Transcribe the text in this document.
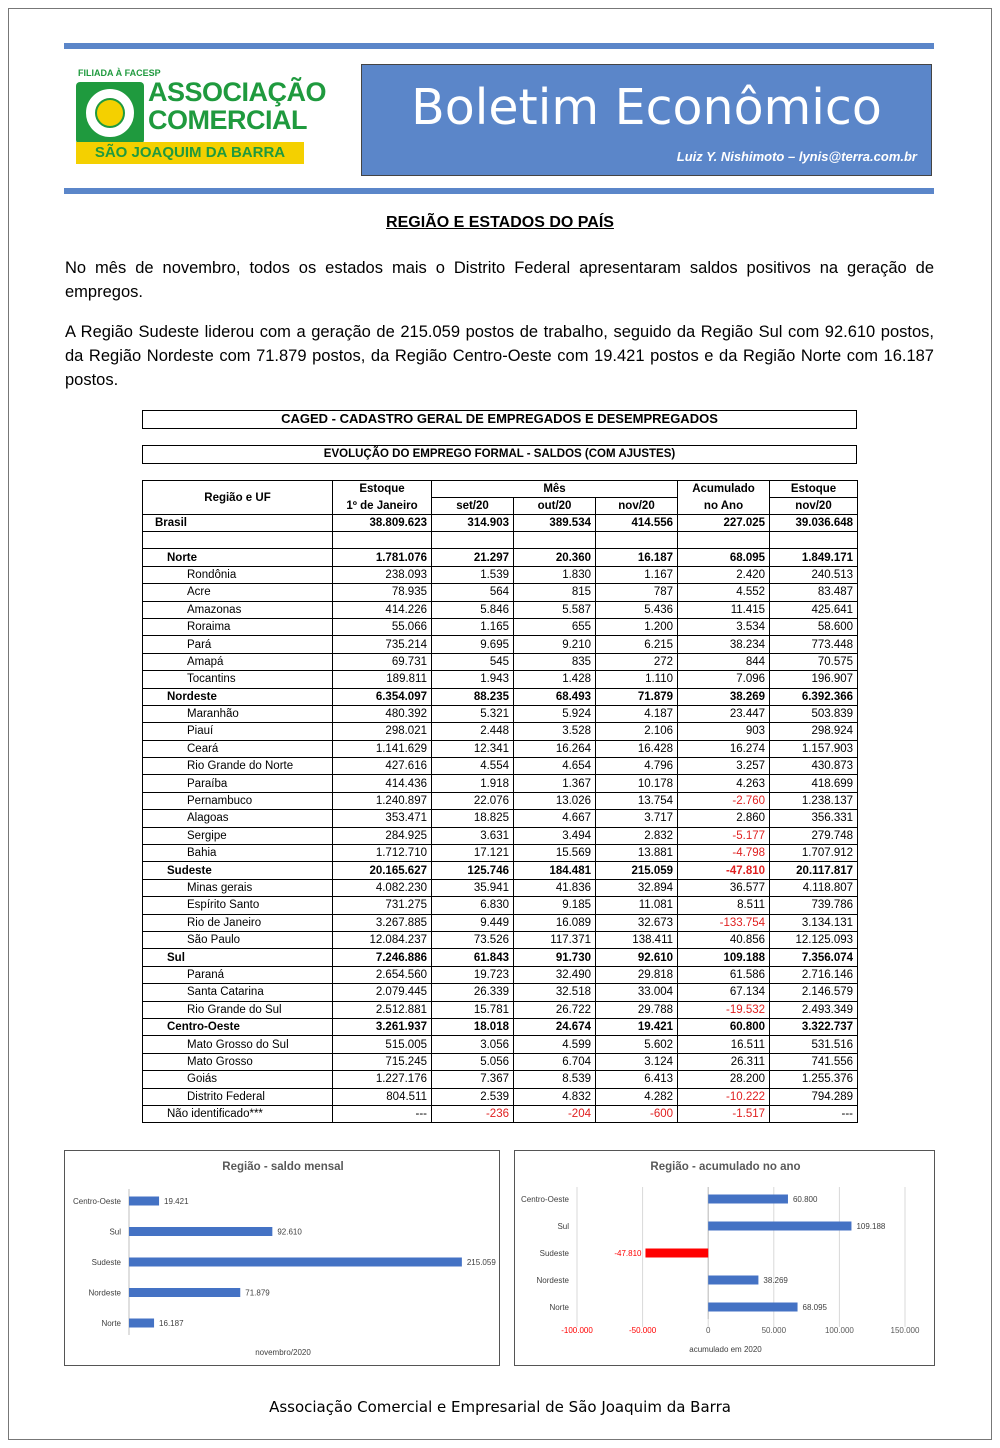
FILIADA À FACESP
ASSOCIAÇÃO
COMERCIAL
SÃO JOAQUIM DA BARRA
Boletim Econômico
Luiz Y. Nishimoto – lynis@terra.com.br
REGIÃO E ESTADOS DO PAÍS

No mês de novembro, todos os estados mais o Distrito Federal apresentaram saldos positivos na geração de empregos.

A Região Sudeste liderou com a geração de 215.059 postos de trabalho, seguido da Região Sul com 92.610 postos, da Região Nordeste com 71.879 postos, da Região Centro-Oeste com 19.421 postos e da Região Norte com 16.187 postos.

CAGED - CADASTRO GERAL DE EMPREGADOS E DESEMPREGADOS
EVOLUÇÃO DO EMPREGO FORMAL - SALDOS (COM AJUSTES)
Região e UF	Estoque	Mês			Acumulado	Estoque
	1º de Janeiro	set/20	out/20	nov/20	no Ano	nov/20
Brasil	38.809.623	314.903	389.534	414.556	227.025	39.036.648

Norte	1.781.076	21.297	20.360	16.187	68.095	1.849.171
Rondônia	238.093	1.539	1.830	1.167	2.420	240.513
Acre	78.935	564	815	787	4.552	83.487
Amazonas	414.226	5.846	5.587	5.436	11.415	425.641
Roraima	55.066	1.165	655	1.200	3.534	58.600
Pará	735.214	9.695	9.210	6.215	38.234	773.448
Amapá	69.731	545	835	272	844	70.575
Tocantins	189.811	1.943	1.428	1.110	7.096	196.907
Nordeste	6.354.097	88.235	68.493	71.879	38.269	6.392.366
Maranhão	480.392	5.321	5.924	4.187	23.447	503.839
Piauí	298.021	2.448	3.528	2.106	903	298.924
Ceará	1.141.629	12.341	16.264	16.428	16.274	1.157.903
Rio Grande do Norte	427.616	4.554	4.654	4.796	3.257	430.873
Paraíba	414.436	1.918	1.367	10.178	4.263	418.699
Pernambuco	1.240.897	22.076	13.026	13.754	-2.760	1.238.137
Alagoas	353.471	18.825	4.667	3.717	2.860	356.331
Sergipe	284.925	3.631	3.494	2.832	-5.177	279.748
Bahia	1.712.710	17.121	15.569	13.881	-4.798	1.707.912
Sudeste	20.165.627	125.746	184.481	215.059	-47.810	20.117.817
Minas gerais	4.082.230	35.941	41.836	32.894	36.577	4.118.807
Espírito Santo	731.275	6.830	9.185	11.081	8.511	739.786
Rio de Janeiro	3.267.885	9.449	16.089	32.673	-133.754	3.134.131
São Paulo	12.084.237	73.526	117.371	138.411	40.856	12.125.093
Sul	7.246.886	61.843	91.730	92.610	109.188	7.356.074
Paraná	2.654.560	19.723	32.490	29.818	61.586	2.716.146
Santa Catarina	2.079.445	26.339	32.518	33.004	67.134	2.146.579
Rio Grande do Sul	2.512.881	15.781	26.722	29.788	-19.532	2.493.349
Centro-Oeste	3.261.937	18.018	24.674	19.421	60.800	3.322.737
Mato Grosso do Sul	515.005	3.056	4.599	5.602	16.511	531.516
Mato Grosso	715.245	5.056	6.704	3.124	26.311	741.556
Goiás	1.227.176	7.367	8.539	6.413	28.200	1.255.376
Distrito Federal	804.511	2.539	4.832	4.282	-10.222	794.289
Não identificado***	---	-236	-204	-600	-1.517	---
Região - saldo mensal
Centro-Oeste	19.421
Sul	92.610
Sudeste	215.059
Nordeste	71.879
Norte	16.187
novembro/2020
Região - acumulado no ano
-100.000	-50.000	0	50.000	100.000	150.000
Centro-Oeste	60.800
Sul	109.188
Sudeste	-47.810
Nordeste	38.269
Norte	68.095
acumulado em 2020
Associação Comercial e Empresarial de São Joaquim da Barra
